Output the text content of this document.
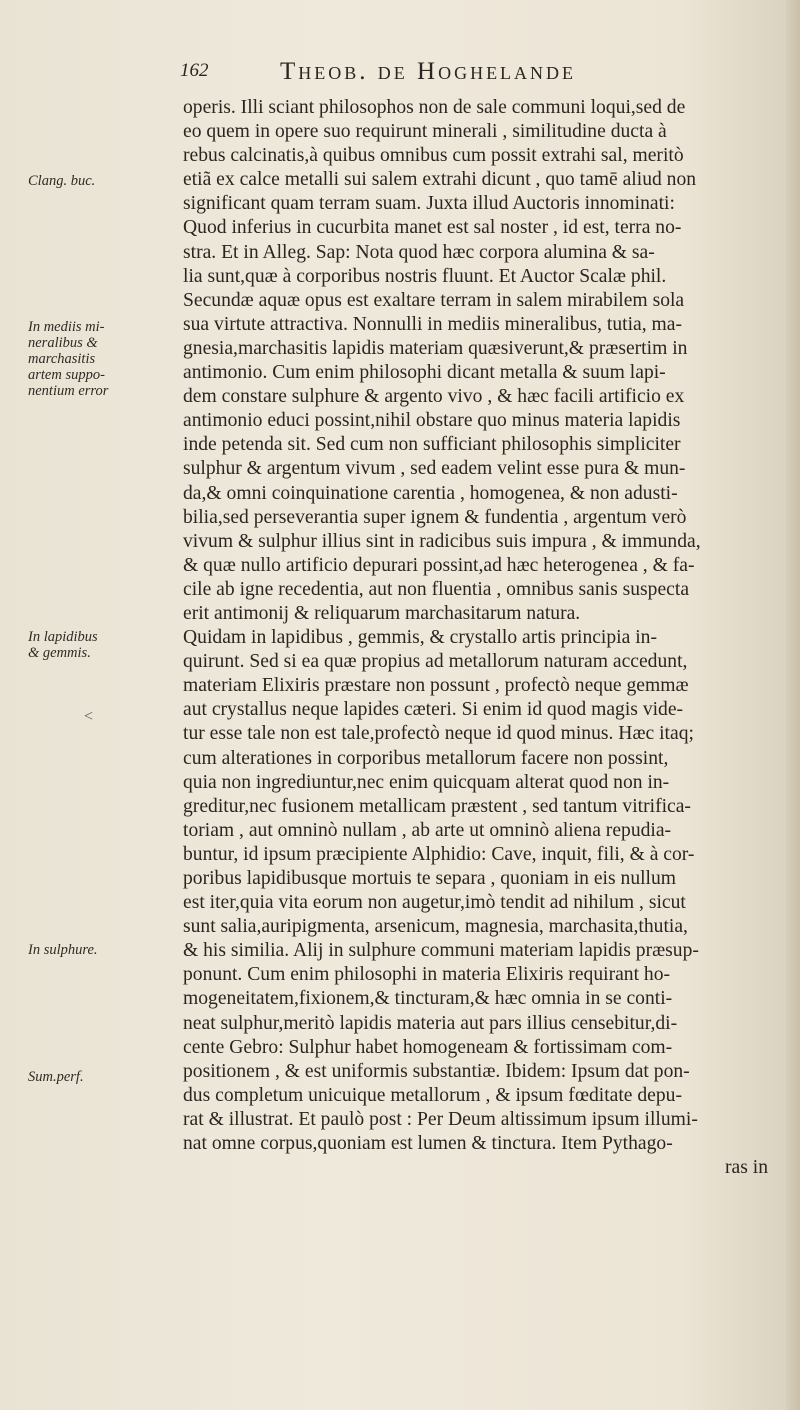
162	Theob. de Hoghelande
Clang. buc.
In mediis mi-
neralibus &
marchasitis
artem suppo-
nentium error
In lapidibus
& gemmis.
<
In sulphure.
Sum.perf.
operis. Illi sciant philosophos non de sale communi loqui,sed de
eo quem in opere suo requirunt minerali , similitudine ducta à
rebus calcinatis,à quibus omnibus cum possit extrahi sal, meritò
etiã ex calce metalli sui salem extrahi dicunt , quo tamē aliud non
significant quam terram suam. Juxta illud Auctoris innominati:
Quod inferius in cucurbita manet est sal noster , id est, terra no-
stra. Et in Alleg. Sap: Nota quod hæc corpora alumina & sa-
lia sunt,quæ à corporibus nostris fluunt. Et Auctor Scalæ phil.
Secundæ aquæ opus est exaltare terram in salem mirabilem sola
sua virtute attractiva. Nonnulli in mediis mineralibus, tutia, ma-
gnesia,marchasitis lapidis materiam quæsiverunt,& præsertim in
antimonio. Cum enim philosophi dicant metalla & suum lapi-
dem constare sulphure & argento vivo , & hæc facili artificio ex
antimonio educi possint,nihil obstare quo minus materia lapidis
inde petenda sit. Sed cum non sufficiant philosophis simpliciter
sulphur & argentum vivum , sed eadem velint esse pura & mun-
da,& omni coinquinatione carentia , homogenea, & non adusti-
bilia,sed perseverantia super ignem & fundentia , argentum verò
vivum & sulphur illius sint in radicibus suis impura , & immunda,
& quæ nullo artificio depurari possint,ad hæc heterogenea , & fa-
cile ab igne recedentia, aut non fluentia , omnibus sanis suspecta
erit antimonij & reliquarum marchasitarum natura.
Quidam in lapidibus , gemmis, & crystallo artis principia in-
quirunt. Sed si ea quæ propius ad metallorum naturam accedunt,
materiam Elixiris præstare non possunt , profectò neque gemmæ
aut crystallus neque lapides cæteri. Si enim id quod magis vide-
tur esse tale non est tale,profectò neque id quod minus. Hæc itaq;
cum alterationes in corporibus metallorum facere non possint,
quia non ingrediuntur,nec enim quicquam alterat quod non in-
greditur,nec fusionem metallicam præstent , sed tantum vitrifica-
toriam , aut omninò nullam , ab arte ut omninò aliena repudia-
buntur, id ipsum præcipiente Alphidio: Cave, inquit, fili, & à cor-
poribus lapidibusque mortuis te separa , quoniam in eis nullum
est iter,quia vita eorum non augetur,imò tendit ad nihilum , sicut
sunt salia,auripigmenta, arsenicum, magnesia, marchasita,thutia,
& his similia. Alij in sulphure communi materiam lapidis præsup-
ponunt. Cum enim philosophi in materia Elixiris requirant ho-
mogeneitatem,fixionem,& tincturam,& hæc omnia in se conti-
neat sulphur,meritò lapidis materia aut pars illius censebitur,di-
cente Gebro: Sulphur habet homogeneam & fortissimam com-
positionem , & est uniformis substantiæ. Ibidem: Ipsum dat pon-
dus completum unicuique metallorum , & ipsum fœditate depu-
rat & illustrat. Et paulò post : Per Deum altissimum ipsum illumi-
nat omne corpus,quoniam est lumen & tinctura. Item Pythago-
ras in
